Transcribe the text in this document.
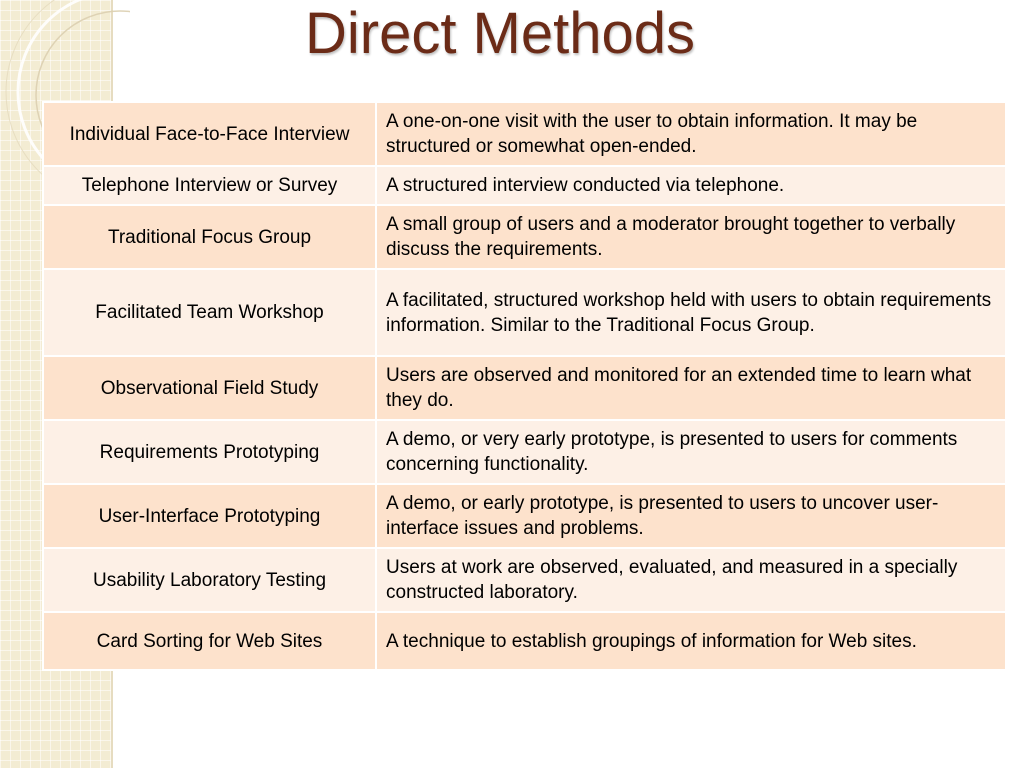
Direct Methods
Individual Face-to-Face Interview	A one-on-one visit with the user to obtain information. It may be structured or somewhat open-ended.
Telephone Interview or Survey	A structured interview conducted via telephone.
Traditional Focus Group	A small group of users and a moderator brought together to verbally discuss the requirements.
Facilitated Team Workshop	A facilitated, structured workshop held with users to obtain requirements information. Similar to the Traditional Focus Group.
Observational Field Study	Users are observed and monitored for an extended time to learn what they do.
Requirements Prototyping	A demo, or very early prototype, is presented to users for comments concerning functionality.
User-Interface Prototyping	A demo, or early prototype, is presented to users to uncover user-interface issues and problems.
Usability Laboratory Testing	Users at work are observed, evaluated, and measured in a specially constructed laboratory.
Card Sorting for Web Sites	A technique to establish groupings of information for Web sites.
